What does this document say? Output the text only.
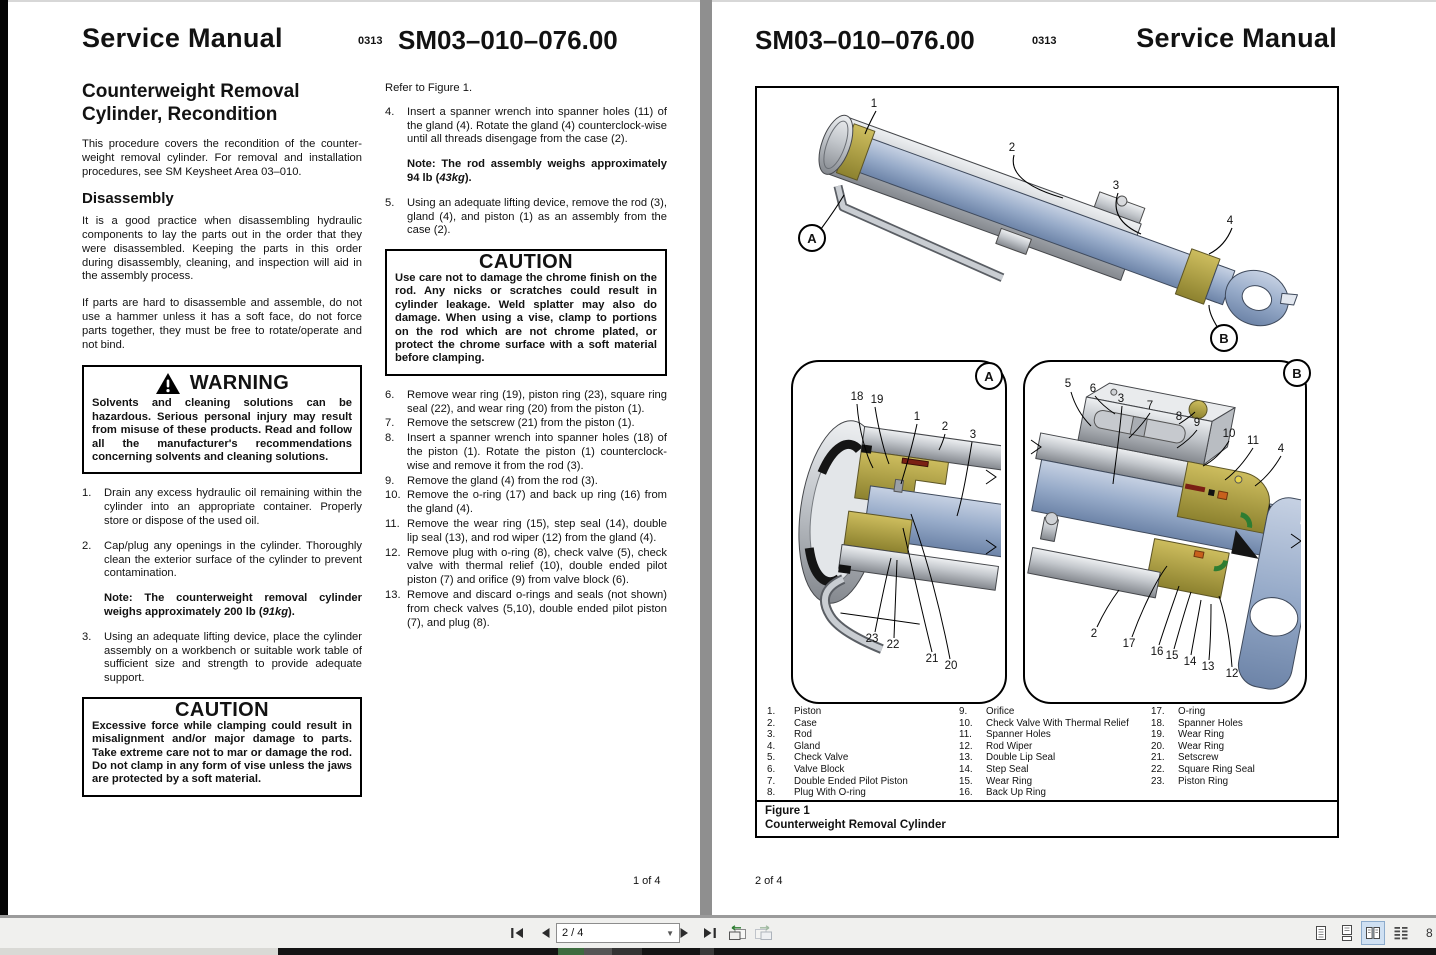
Service Manual	0313 SM03–010–076.00
Counterweight Removal Cylinder, Recondition

This procedure covers the recondition of the counter-weight removal cylinder. For removal and installation procedures, see SM Keysheet Area 03–010.

Disassembly

It is a good practice when disassembling hydraulic components to lay the parts out in the order that they were disassembled. Keeping the parts in this order during disassembly, cleaning, and inspection will aid in the assembly process.

If parts are hard to disassemble and assemble, do not use a hammer unless it has a soft face, do not force parts together, they must be free to rotate/operate and not bind.

WARNING
Solvents and cleaning solutions can be hazardous. Serious personal injury may result from misuse of these products. Read and follow all the manufacturer's recommendations concerning solvents and cleaning solutions.
1.	Drain any excess hydraulic oil remaining within the cylinder into an appropriate container. Properly store or dispose of the used oil.
2.	Cap/plug any openings in the cylinder. Thoroughly clean the exterior surface of the cylinder to prevent contamination.

Note: The counterweight removal cylinder weighs approximately 200 lb (91kg).

3.	Using an adequate lifting device, place the cylinder assembly on a workbench or suitable work table of sufficient size and strength to provide adequate support.
CAUTION
Excessive force while clamping could result in misalignment and/or major damage to parts. Take extreme care not to mar or damage the rod. Do not clamp in any form of vise unless the jaws are protected by a soft material.

Refer to Figure 1.

4.	Insert a spanner wrench into spanner holes (11) of the gland (4). Rotate the gland (4) counterclock-wise until all threads disengage from the case (2).

Note: The rod assembly weighs approximately 94 lb (43kg).

5.	Using an adequate lifting device, remove the rod (3), gland (4), and piston (1) as an assembly from the case (2).
CAUTION
Use care not to damage the chrome finish on the rod. Any nicks or scratches could result in cylinder leakage. Weld splatter may also do damage. When using a vise, clamp to portions on the rod which are not chrome plated, or protect the chrome surface with a soft material before clamping.
6.	Remove wear ring (19), piston ring (23), square ring seal (22), and wear ring (20) from the piston (1).
7.	Remove the setscrew (21) from the piston (1).
8.	Insert a spanner wrench into spanner holes (18) of the piston (1). Rotate the piston (1) counterclock-wise and remove it from the rod (3).
9.	Remove the gland (4) from the rod (3).
10. Remove the o-ring (17) and back up ring (16) from the gland (4).
11. Remove the wear ring (15), step seal (14), double lip seal (13), and rod wiper (12) from the gland (4).
12. Remove plug with o-ring (8), check valve (5), check valve with thermal relief (10), double ended pilot piston (7) and orifice (9) from valve block (6).
13. Remove and discard o-rings and seals (not shown) from check valves (5,10), double ended pilot piston (7), and plug (8).
1 of 4
SM03–010–076.00	0313	Service Manual
1
2
3
4
A
B
18 19
1
2
3
23 22
21
20
5 6
3
7
8 9
10
11
4
2
17
16 15 14 13
12
A	B
1.	Piston
2.	Case
3.	Rod
4.	Gland
5.	Check Valve
6.	Valve Block
7.	Double Ended Pilot Piston
8.	Plug With O-ring
9.	Orifice
10.	Check Valve With Thermal Relief
11.	Spanner Holes
12.	Rod Wiper
13.	Double Lip Seal
14.	Step Seal
15.	Wear Ring
16.	Back Up Ring
17.	O-ring
18.	Spanner Holes
19.	Wear Ring
20.	Wear Ring
21.	Setscrew
22.	Square Ring Seal
23.	Piston Ring
Figure 1
Counterweight Removal Cylinder
2 of 4
2 / 4	▼	8
